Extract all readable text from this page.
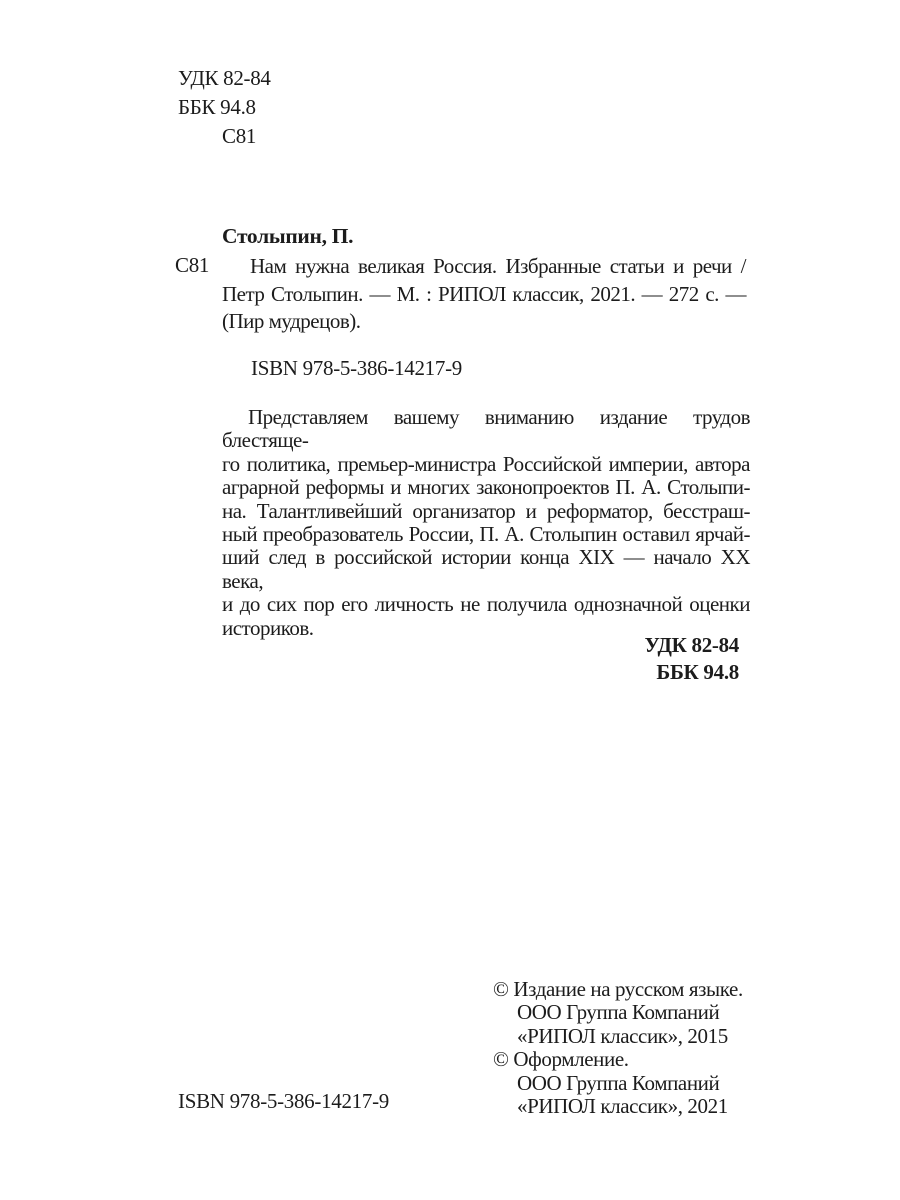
УДК 82-84
ББК 94.8
С81
Столыпин, П.
С81	Нам нужна великая Россия. Избранные статьи и речи /
Петр Столыпин. — М. : РИПОЛ классик, 2021. — 272 с. —
(Пир мудрецов).
ISBN 978-5-386-14217-9
Представляем вашему вниманию издание трудов блестяще-
го политика, премьер-министра Российской империи, автора
аграрной реформы и многих законопроектов П. А. Столыпи-
на. Талантливейший организатор и реформатор, бесстраш-
ный преобразователь России, П. А. Столыпин оставил ярчай-
ший след в российской истории конца XIX — начало XX века,
и до сих пор его личность не получила однозначной оценки
историков.
УДК 82-84
ББК 94.8
© Издание на русском языке.
ООО Группа Компаний
«РИПОЛ классик», 2015
© Оформление.
ООО Группа Компаний
«РИПОЛ классик», 2021
ISBN 978-5-386-14217-9
